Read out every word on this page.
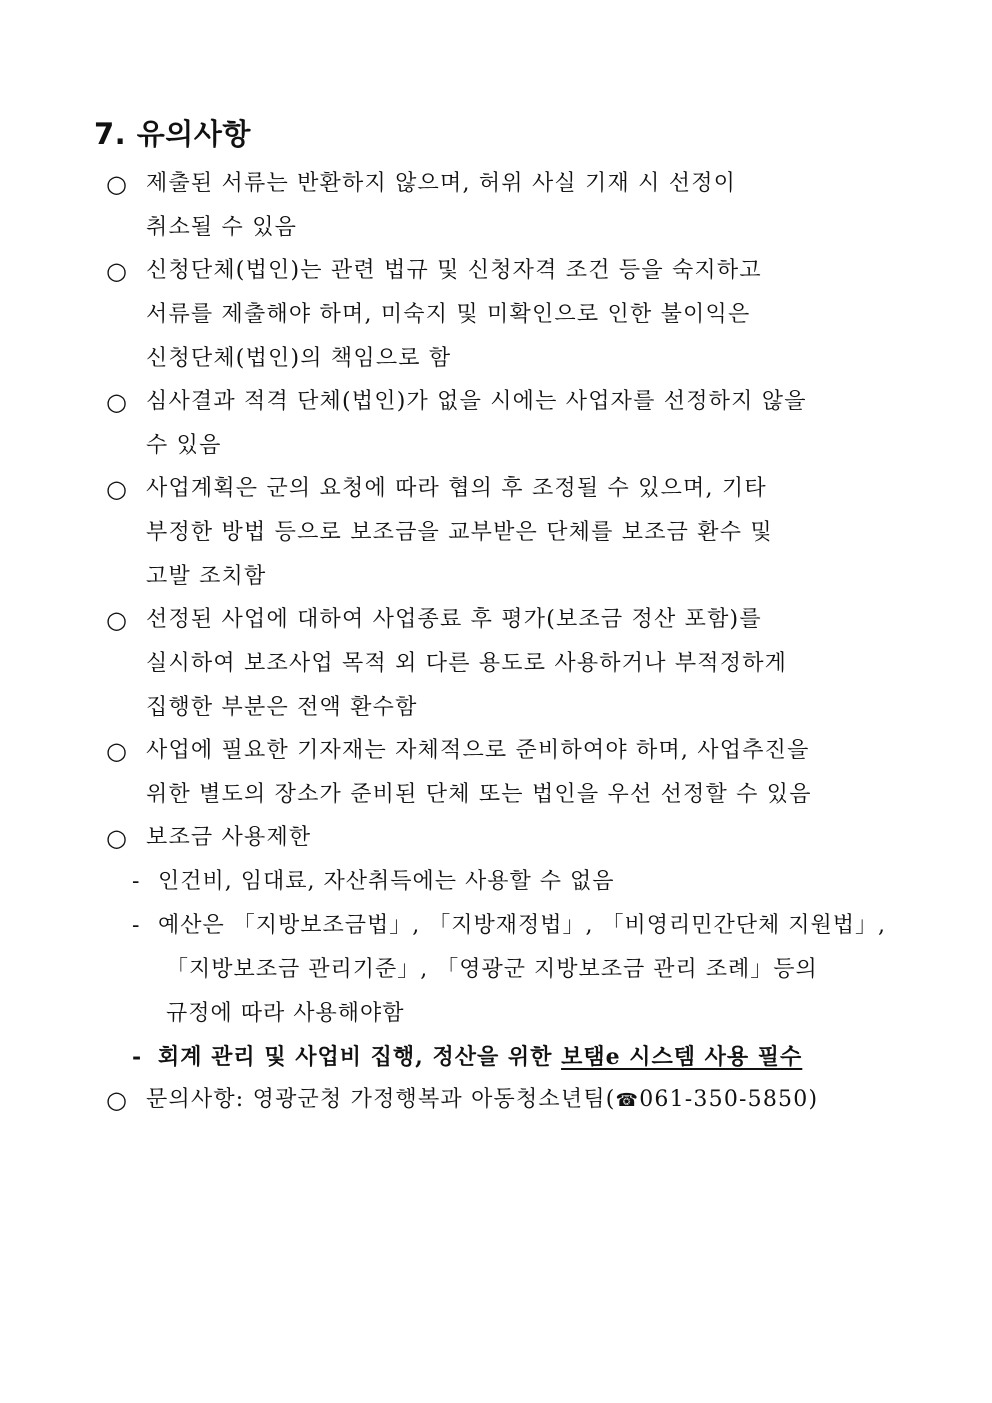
7. 유의사항
○ 제출된 서류는 반환하지 않으며, 허위 사실 기재 시 선정이
취소될 수 있음
○ 신청단체(법인)는 관련 법규 및 신청자격 조건 등을 숙지하고
서류를 제출해야 하며, 미숙지 및 미확인으로 인한 불이익은
신청단체(법인)의 책임으로 함
○ 심사결과 적격 단체(법인)가 없을 시에는 사업자를 선정하지 않을
수 있음
○ 사업계획은 군의 요청에 따라 협의 후 조정될 수 있으며, 기타
부정한 방법 등으로 보조금을 교부받은 단체를 보조금 환수 및
고발 조치함
○ 선정된 사업에 대하여 사업종료 후 평가(보조금 정산 포함)를
실시하여 보조사업 목적 외 다른 용도로 사용하거나 부적정하게
집행한 부분은 전액 환수함
○ 사업에 필요한 기자재는 자체적으로 준비하여야 하며, 사업추진을
위한 별도의 장소가 준비된 단체 또는 법인을 우선 선정할 수 있음
○ 보조금 사용제한
- 인건비, 임대료, 자산취득에는 사용할 수 없음
- 예산은 「지방보조금법」, 「지방재정법」, 「비영리민간단체 지원법」,
「지방보조금 관리기준」, 「영광군 지방보조금 관리 조례」등의
규정에 따라 사용해야함
- 회계 관리 및 사업비 집행, 정산을 위한 보탬e 시스템 사용 필수
○ 문의사항: 영광군청 가정행복과 아동청소년팀(☎061-350-5850)
